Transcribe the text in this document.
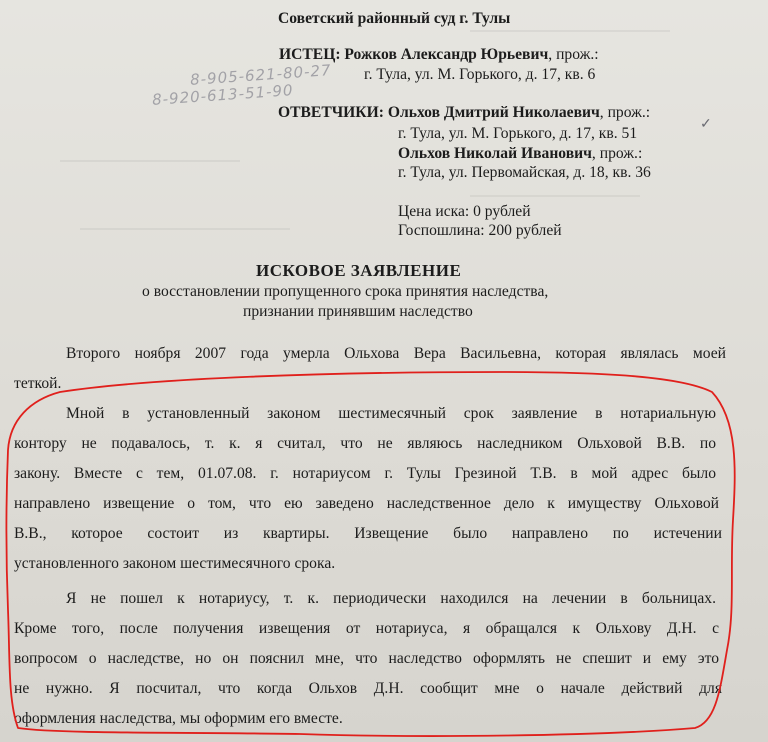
Советский районный суд г. Тулы
ИСТЕЦ: Рожков Александр Юрьевич, прож.:
г. Тула, ул. М. Горького, д. 17, кв. 6
8-905-621-80-27
8-920-613-51-90
ОТВЕТЧИКИ: Ольхов Дмитрий Николаевич, прож.:
✓
г. Тула, ул. М. Горького, д. 17, кв. 51
Ольхов Николай Иванович, прож.:
г. Тула, ул. Первомайская, д. 18, кв. 36
Цена иска: 0 рублей
Госпошлина: 200 рублей
ИСКОВОЕ ЗАЯВЛЕНИЕ
о восстановлении пропущенного срока принятия наследства,
признании принявшим наследство
Второго ноября 2007 года умерла Ольхова Вера Васильевна, которая являлась моей
теткой.
Мной в установленный законом шестимесячный срок заявление в нотариальную
контору не подавалось, т. к. я считал, что не являюсь наследником Ольховой В.В. по
закону. Вместе с тем, 01.07.08. г. нотариусом г. Тулы Грезиной Т.В. в мой адрес было
направлено извещение о том, что ею заведено наследственное дело к имуществу Ольховой
В.В., которое состоит из квартиры. Извещение было направлено по истечении
установленного законом шестимесячного срока.
Я не пошел к нотариусу, т. к. периодически находился на лечении в больницах.
Кроме того, после получения извещения от нотариуса, я обращался к Ольхову Д.Н. с
вопросом о наследстве, но он пояснил мне, что наследство оформлять не спешит и ему это
не нужно. Я посчитал, что когда Ольхов Д.Н. сообщит мне о начале действий для
оформления наследства, мы оформим его вместе.
